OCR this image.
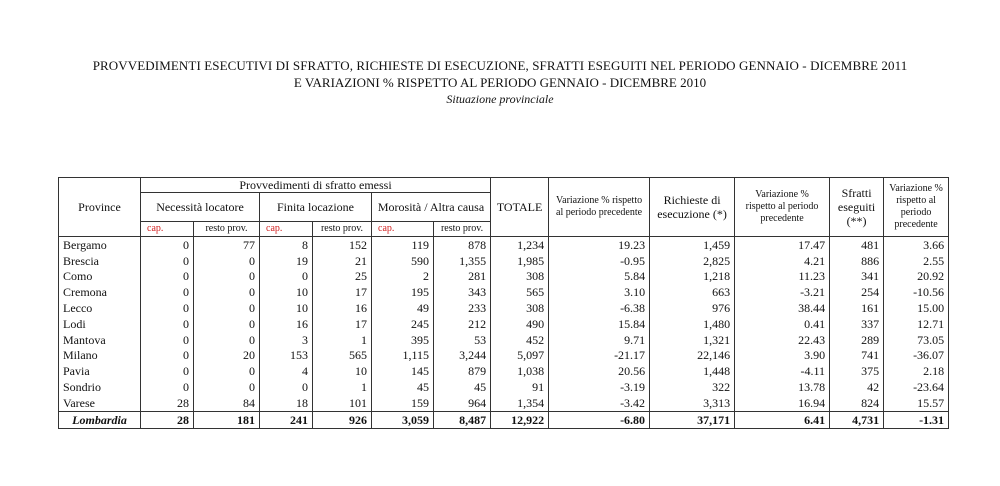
PROVVEDIMENTI ESECUTIVI DI SFRATTO, RICHIESTE DI ESECUZIONE, SFRATTI ESEGUITI NEL PERIODO GENNAIO - DICEMBRE 2011
E VARIAZIONI % RISPETTO AL PERIODO GENNAIO - DICEMBRE 2010
Situazione provinciale
Province	Provvedimenti di sfratto emessi						TOTALE	Variazione % rispetto al periodo precedente	Richieste di esecuzione (*)	Variazione % rispetto al periodo precedente	Sfratti eseguiti (**)	Variazione % rispetto al periodo precedente
	Necessità locatore		Finita locazione		Morosità / Altra causa							
	cap.	resto prov.	cap.	resto prov.	cap.	resto prov.						
Bergamo	0	77	8	152	119	878	1,234	19.23	1,459	17.47	481	3.66
Brescia	0	0	19	21	590	1,355	1,985	-0.95	2,825	4.21	886	2.55
Como	0	0	0	25	2	281	308	5.84	1,218	11.23	341	20.92
Cremona	0	0	10	17	195	343	565	3.10	663	-3.21	254	-10.56
Lecco	0	0	10	16	49	233	308	-6.38	976	38.44	161	15.00
Lodi	0	0	16	17	245	212	490	15.84	1,480	0.41	337	12.71
Mantova	0	0	3	1	395	53	452	9.71	1,321	22.43	289	73.05
Milano	0	20	153	565	1,115	3,244	5,097	-21.17	22,146	3.90	741	-36.07
Pavia	0	0	4	10	145	879	1,038	20.56	1,448	-4.11	375	2.18
Sondrio	0	0	0	1	45	45	91	-3.19	322	13.78	42	-23.64
Varese	28	84	18	101	159	964	1,354	-3.42	3,313	16.94	824	15.57
Lombardia	28	181	241	926	3,059	8,487	12,922	-6.80	37,171	6.41	4,731	-1.31
